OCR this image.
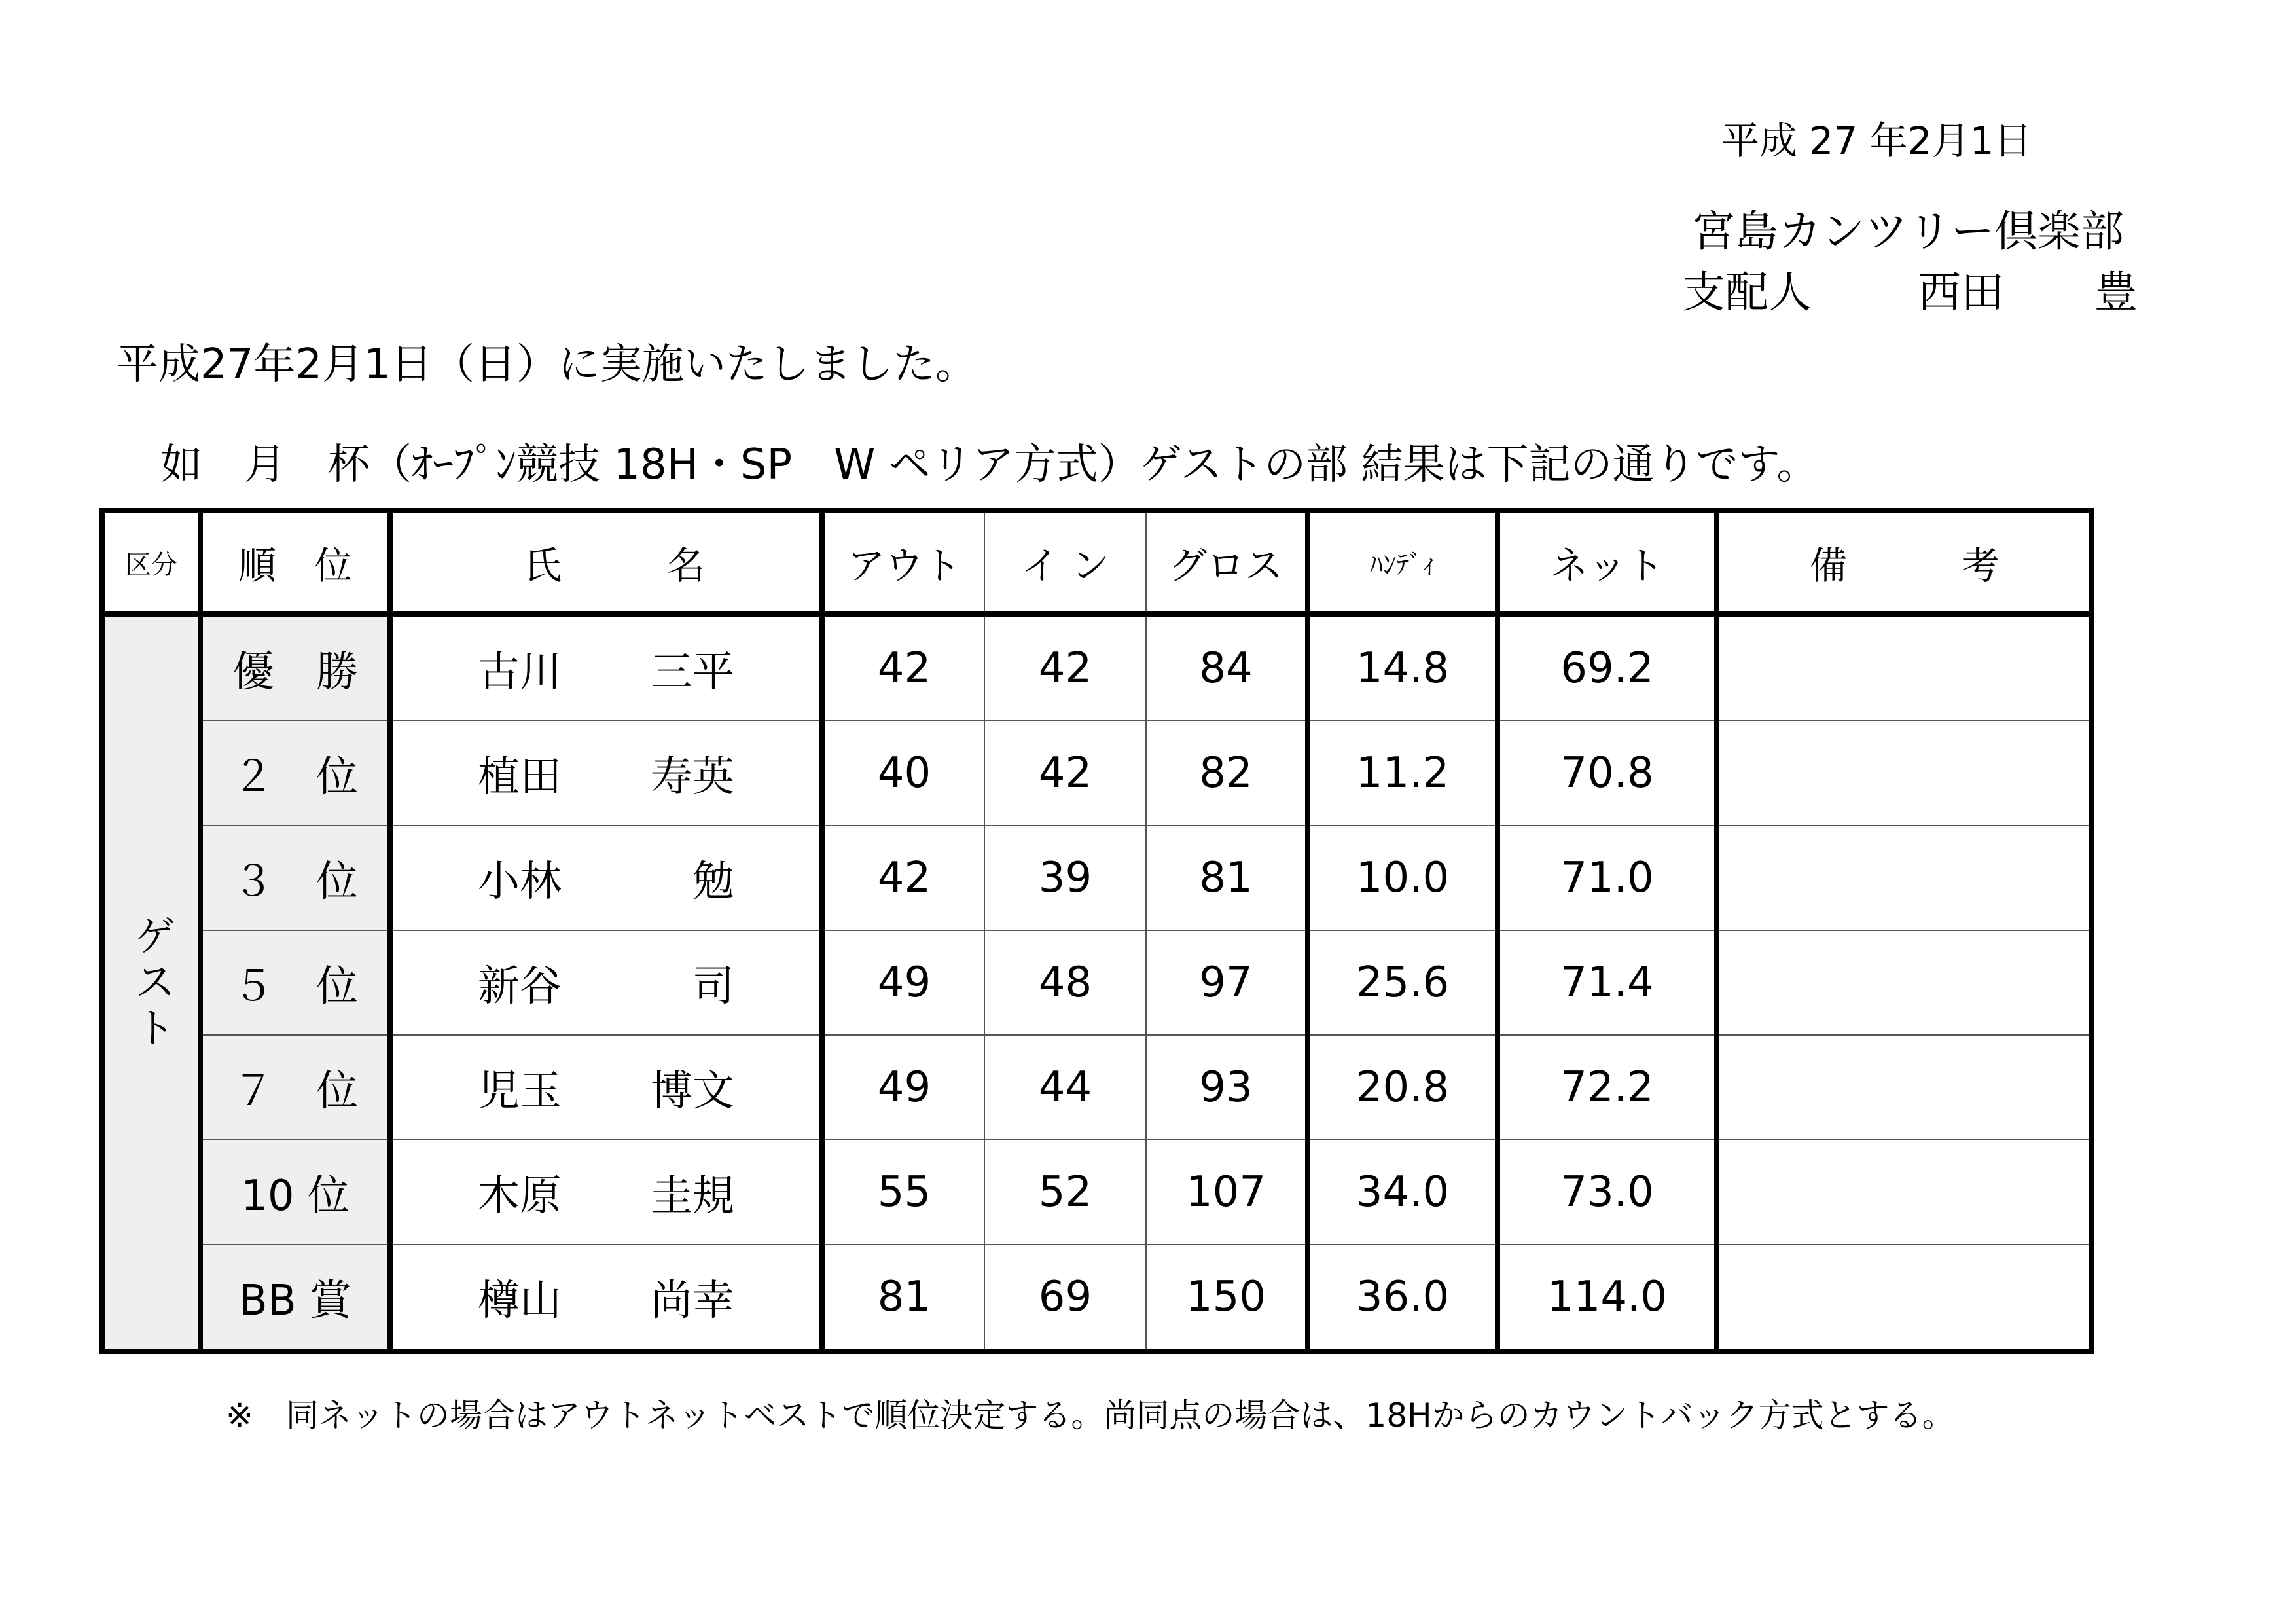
平成 27 年2月1日
宮島カンツリー倶楽部
支配人 西田 豊
平成27年2月1日（日）に実施いたしました。
如　月　杯（ｵｰﾌﾟﾝ競技 18H・SP　W ペリア方式）ゲストの部 結果は下記の通りです。
区分	順　位	氏 名	アウト	イ ン	グロス	ﾊﾝﾃﾞｨ	ネット	備　　　考
ゲスト	優　勝	古川 三平	42	42	84	14.8	69.2	
	２　位	植田 寿英	40	42	82	11.2	70.8	
	３　位	小林 勉	42	39	81	10.0	71.0	
	５　位	新谷 司	49	48	97	25.6	71.4	
	７　位	児玉 博文	49	44	93	20.8	72.2	
	10 位	木原 圭規	55	52	107	34.0	73.0	
	BB 賞	樽山 尚幸	81	69	150	36.0	114.0	
※　同ネットの場合はアウトネットベストで順位決定する。尚同点の場合は、18Hからのカウントバック方式とする。
